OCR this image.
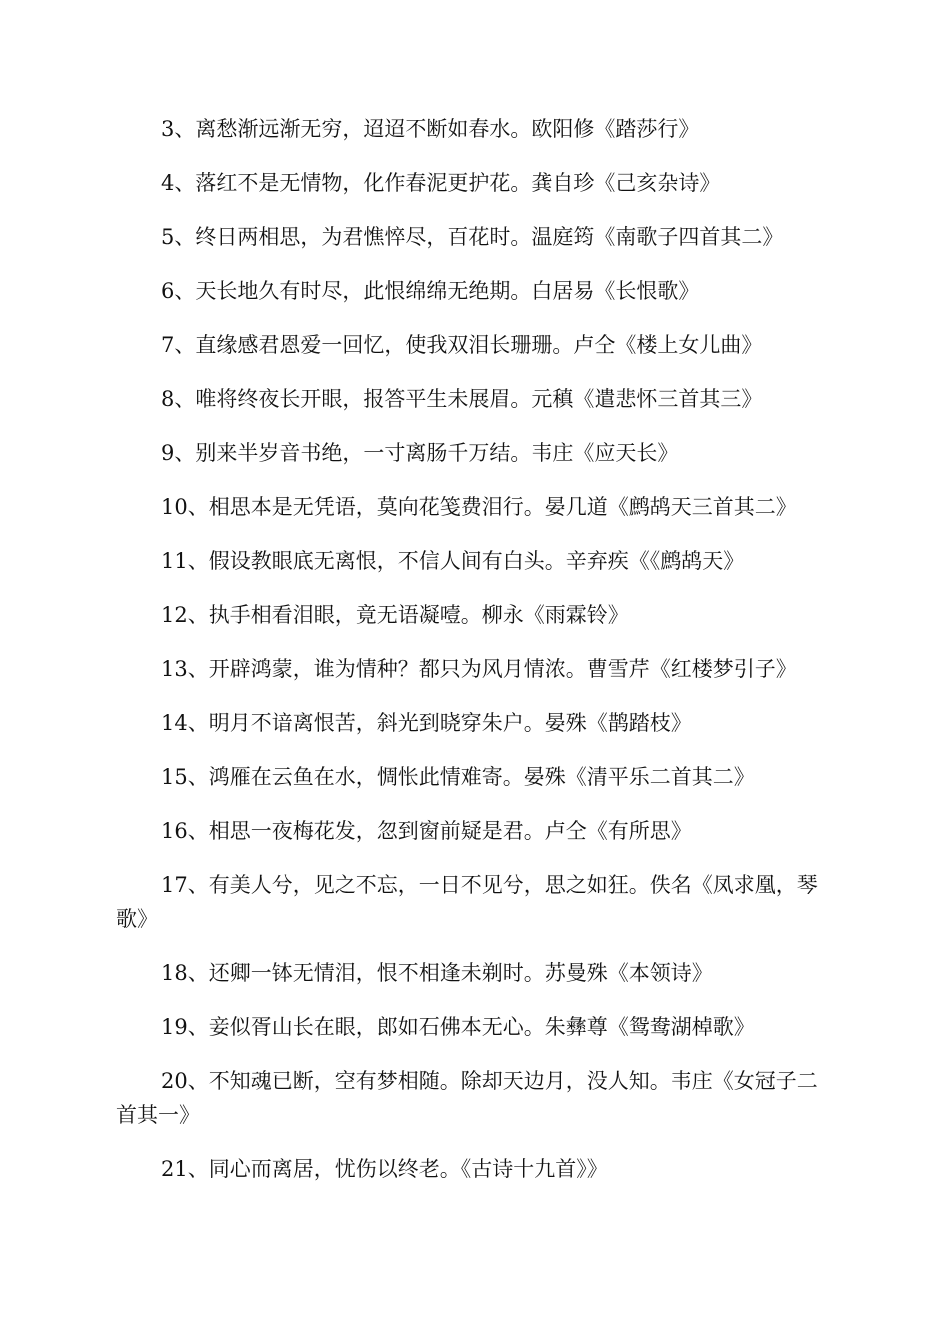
3、离愁渐远渐无穷，迢迢不断如春水。欧阳修《踏莎行》

4、落红不是无情物，化作春泥更护花。龚自珍《己亥杂诗》

5、终日两相思，为君憔悴尽，百花时。温庭筠《南歌子四首其二》

6、天长地久有时尽，此恨绵绵无绝期。白居易《长恨歌》

7、直缘感君恩爱一回忆，使我双泪长珊珊。卢仝《楼上女儿曲》

8、唯将终夜长开眼，报答平生未展眉。元稹《遣悲怀三首其三》

9、别来半岁音书绝，一寸离肠千万结。韦庄《应天长》

10、相思本是无凭语，莫向花笺费泪行。晏几道《鹧鸪天三首其二》

11、假设教眼底无离恨，不信人间有白头。辛弃疾《《鹧鸪天》

12、执手相看泪眼，竟无语凝噎。柳永《雨霖铃》

13、开辟鸿蒙，谁为情种？都只为风月情浓。曹雪芹《红楼梦引子》

14、明月不谙离恨苦，斜光到晓穿朱户。晏殊《鹊踏枝》

15、鸿雁在云鱼在水，惆怅此情难寄。晏殊《清平乐二首其二》

16、相思一夜梅花发，忽到窗前疑是君。卢仝《有所思》

17、有美人兮，见之不忘，一日不见兮，思之如狂。佚名《凤求凰，琴歌》

18、还卿一钵无情泪，恨不相逢未剃时。苏曼殊《本领诗》

19、妾似胥山长在眼，郎如石佛本无心。朱彝尊《鸳鸯湖棹歌》

20、不知魂已断，空有梦相随。除却天边月，没人知。韦庄《女冠子二首其一》

21、同心而离居，忧伤以终老。《古诗十九首》》
